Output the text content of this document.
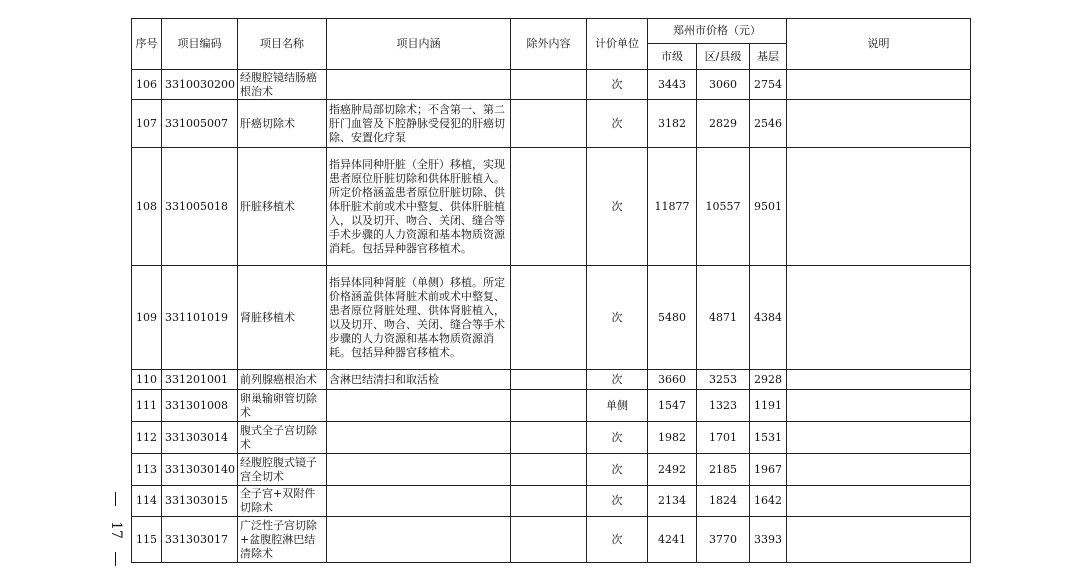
17
序号	项目编码	项目名称	项目内涵	除外内容	计价单位	郑州市价格（元）			说明
						市级	区/县级	基层	
106	3310030200	经腹腔镜结肠癌根治术			次	3443	3060	2754	
107	331005007	肝癌切除术	指癌肿局部切除术；不含第一、第二肝门血管及下腔静脉受侵犯的肝癌切除、安置化疗泵		次	3182	2829	2546	
108	331005018	肝脏移植术	指异体同种肝脏（全肝）移植，实现患者原位肝脏切除和供体肝脏植入。所定价格涵盖患者原位肝脏切除、供体肝脏术前或术中整复、供体肝脏植入，以及切开、吻合、关闭、缝合等手术步骤的人力资源和基本物质资源消耗。包括异种器官移植术。		次	11877	10557	9501	
109	331101019	肾脏移植术	指异体同种肾脏（单侧）移植。所定价格涵盖供体肾脏术前或术中整复、患者原位肾脏处理、供体肾脏植入，以及切开、吻合、关闭、缝合等手术步骤的人力资源和基本物质资源消耗。包括异种器官移植术。		次	5480	4871	4384	
110	331201001	前列腺癌根治术	含淋巴结清扫和取活检		次	3660	3253	2928	
111	331301008	卵巢输卵管切除术			单侧	1547	1323	1191	
112	331303014	腹式全子宫切除术			次	1982	1701	1531	
113	3313030140	经腹腔腹式镜子宫全切术			次	2492	2185	1967	
114	331303015	全子宫+双附件切除术			次	2134	1824	1642	
115	331303017	广泛性子宫切除+盆腹腔淋巴结清除术			次	4241	3770	3393	
